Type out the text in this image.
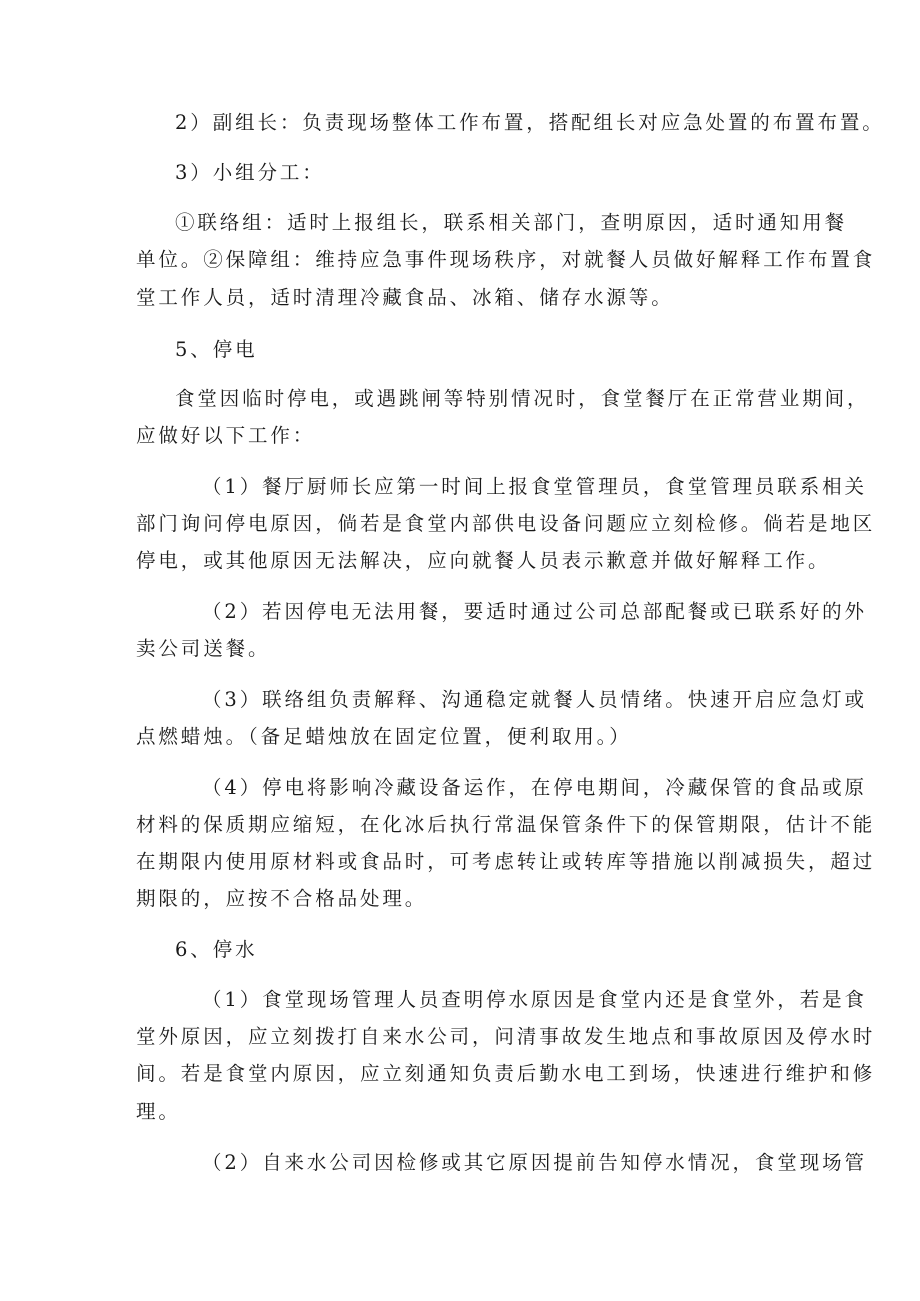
2）副组长：负责现场整体工作布置，搭配组长对应急处置的布置布置。
3）小组分工：
①联络组：适时上报组长，联系相关部门，查明原因，适时通知用餐
单位。②保障组：维持应急事件现场秩序，对就餐人员做好解释工作布置食
堂工作人员，适时清理冷藏食品、冰箱、储存水源等。
5、停电
食堂因临时停电，或遇跳闸等特别情况时，食堂餐厅在正常营业期间，
应做好以下工作：
（1）餐厅厨师长应第一时间上报食堂管理员，食堂管理员联系相关
部门询问停电原因，倘若是食堂内部供电设备问题应立刻检修。倘若是地区
停电，或其他原因无法解决，应向就餐人员表示歉意并做好解释工作。
（2）若因停电无法用餐，要适时通过公司总部配餐或已联系好的外
卖公司送餐。
（3）联络组负责解释、沟通稳定就餐人员情绪。快速开启应急灯或
点燃蜡烛。（备足蜡烛放在固定位置，便利取用。）
（4）停电将影响冷藏设备运作，在停电期间，冷藏保管的食品或原
材料的保质期应缩短，在化冰后执行常温保管条件下的保管期限，估计不能
在期限内使用原材料或食品时，可考虑转让或转库等措施以削减损失，超过
期限的，应按不合格品处理。
6、停水
（1）食堂现场管理人员查明停水原因是食堂内还是食堂外，若是食
堂外原因，应立刻拨打自来水公司，问清事故发生地点和事故原因及停水时
间。若是食堂内原因，应立刻通知负责后勤水电工到场，快速进行维护和修
理。
（2）自来水公司因检修或其它原因提前告知停水情况，食堂现场管
